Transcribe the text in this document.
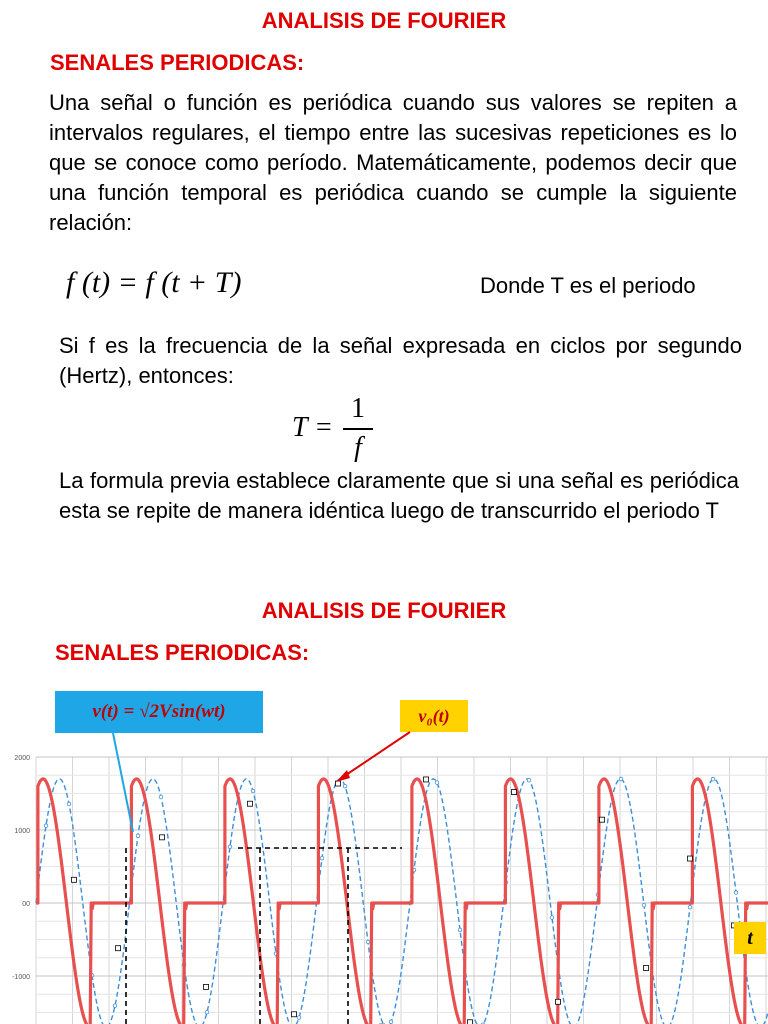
ANALISIS DE FOURIER
SENALES PERIODICAS:
Una señal o función es periódica cuando sus valores se repiten a intervalos regulares, el tiempo entre las sucesivas repeticiones es lo que se conoce como período. Matemáticamente, podemos decir que una función temporal es periódica cuando se cumple la siguiente relación:
f (t) = f (t + T)	Donde T es el periodo
Si f es la frecuencia de la señal expresada en ciclos por segundo (Hertz), entonces:
T =
1
f
La formula previa establece claramente que si una señal es periódica esta se repite de manera idéntica luego de transcurrido el periodo T
ANALISIS DE FOURIER
SENALES PERIODICAS:
v(t) = √2Vsin(wt)	v₀(t)
2000
1000
00
-1000
t
